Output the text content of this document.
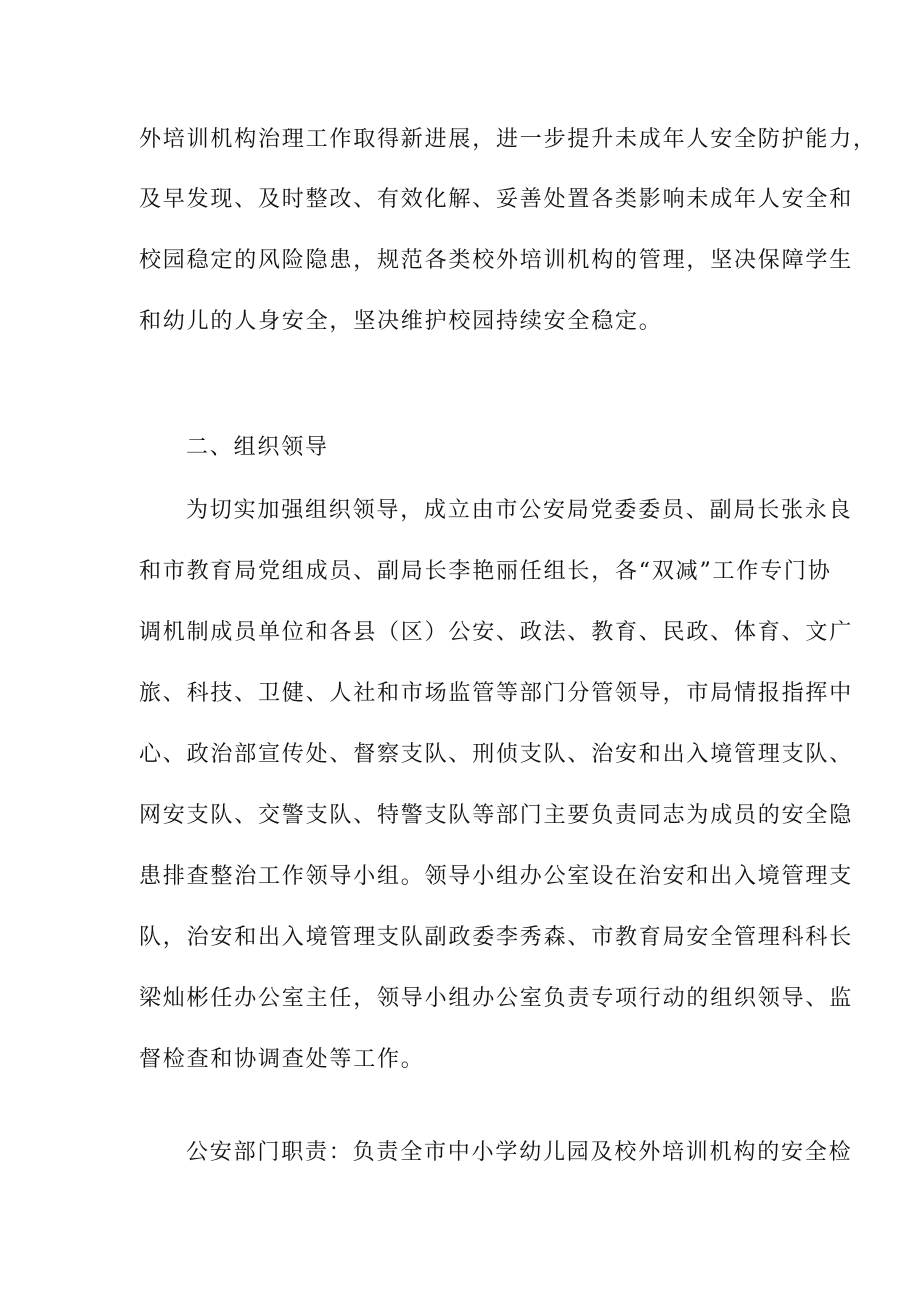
外培训机构治理工作取得新进展，进一步提升未成年人安全防护能力，
及早发现、及时整改、有效化解、妥善处置各类影响未成年人安全和
校园稳定的风险隐患，规范各类校外培训机构的管理，坚决保障学生
和幼儿的人身安全，坚决维护校园持续安全稳定。
二、组织领导
为切实加强组织领导，成立由市公安局党委委员、副局长张永良
和市教育局党组成员、副局长李艳丽任组长，各“双减”工作专门协
调机制成员单位和各县（区）公安、政法、教育、民政、体育、文广
旅、科技、卫健、人社和市场监管等部门分管领导，市局情报指挥中
心、政治部宣传处、督察支队、刑侦支队、治安和出入境管理支队、
网安支队、交警支队、特警支队等部门主要负责同志为成员的安全隐
患排查整治工作领导小组。领导小组办公室设在治安和出入境管理支
队，治安和出入境管理支队副政委李秀森、市教育局安全管理科科长
梁灿彬任办公室主任，领导小组办公室负责专项行动的组织领导、监
督检查和协调查处等工作。
公安部门职责：负责全市中小学幼儿园及校外培训机构的安全检
